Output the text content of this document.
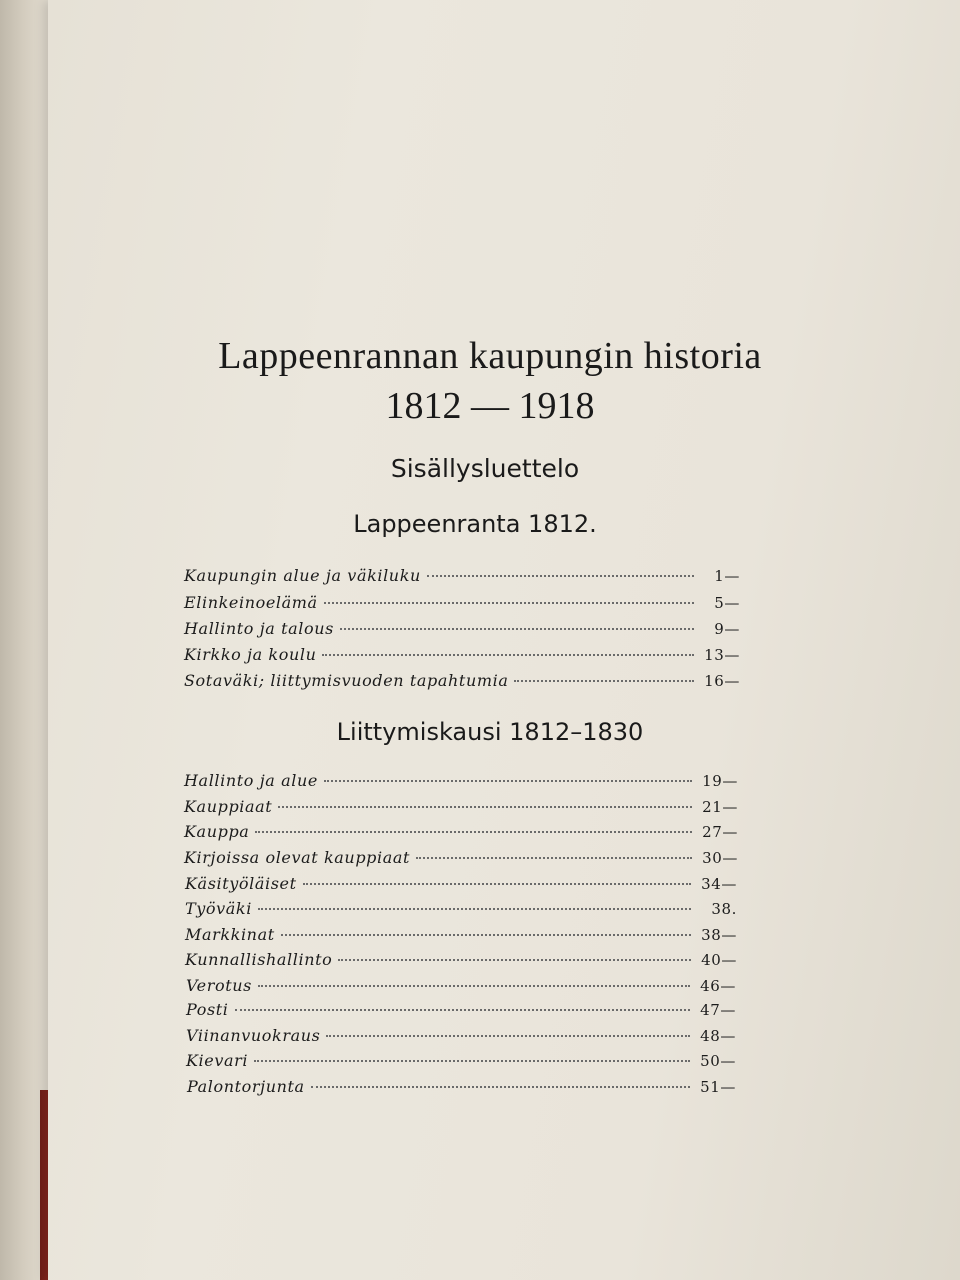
Lappeenrannan kaupungin historia
1812 — 1918
Sisällysluettelo
Lappeenranta 1812.
Kaupungin alue ja väkiluku	1—
Elinkeinoelämä	5—
Hallinto ja talous	9—
Kirkko ja koulu	13—
Sotaväki; liittymisvuoden tapahtumia	16—
Liittymiskausi 1812–1830
Hallinto ja alue	19—
Kauppiaat	21—
Kauppa	27—
Kirjoissa olevat kauppiaat	30—
Käsityöläiset	34—
Työväki	38.
Markkinat	38—
Kunnallishallinto	40—
Verotus	46—
Posti	47—
Viinanvuokraus	48—
Kievari	50—
Palontorjunta	51—
